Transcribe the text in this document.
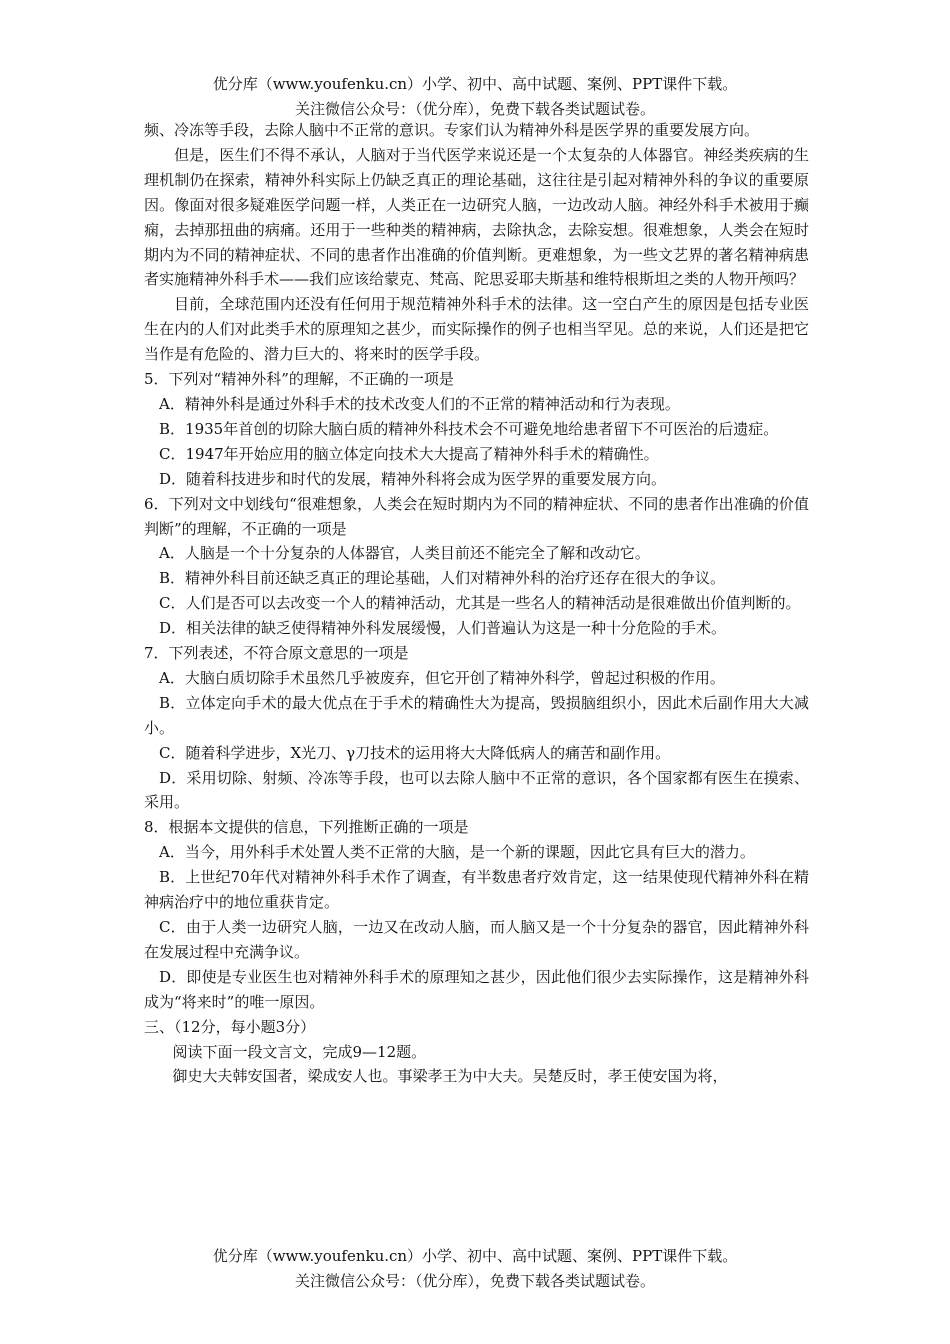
优分库（www.youfenku.cn）小学、初中、高中试题、案例、PPT课件下载。
关注微信公众号：（优分库），免费下载各类试题试卷。

频、冷冻等手段，去除人脑中不正常的意识。专家们认为精神外科是医学界的重要发展方向。

但是，医生们不得不承认，人脑对于当代医学来说还是一个太复杂的人体器官。神经类疾病的生理机制仍在探索，精神外科实际上仍缺乏真正的理论基础，这往往是引起对精神外科的争议的重要原因。像面对很多疑难医学问题一样，人类正在一边研究人脑，一边改动人脑。神经外科手术被用于癫痫，去掉那扭曲的病痛。还用于一些种类的精神病，去除执念，去除妄想。很难想象，人类会在短时期内为不同的精神症状、不同的患者作出准确的价值判断。更难想象，为一些文艺界的著名精神病患者实施精神外科手术——我们应该给蒙克、梵高、陀思妥耶夫斯基和维特根斯坦之类的人物开颅吗？

目前，全球范围内还没有任何用于规范精神外科手术的法律。这一空白产生的原因是包括专业医生在内的人们对此类手术的原理知之甚少，而实际操作的例子也相当罕见。总的来说，人们还是把它当作是有危险的、潜力巨大的、将来时的医学手段。

5．下列对“精神外科”的理解，不正确的一项是

A．精神外科是通过外科手术的技术改变人们的不正常的精神活动和行为表现。

B．1935年首创的切除大脑白质的精神外科技术会不可避免地给患者留下不可医治的后遗症。

C．1947年开始应用的脑立体定向技术大大提高了精神外科手术的精确性。

D．随着科技进步和时代的发展，精神外科将会成为医学界的重要发展方向。

6．下列对文中划线句“很难想象，人类会在短时期内为不同的精神症状、不同的患者作出准确的价值判断”的理解，不正确的一项是

A．人脑是一个十分复杂的人体器官，人类目前还不能完全了解和改动它。

B．精神外科目前还缺乏真正的理论基础，人们对精神外科的治疗还存在很大的争议。

C．人们是否可以去改变一个人的精神活动，尤其是一些名人的精神活动是很难做出价值判断的。

D．相关法律的缺乏使得精神外科发展缓慢，人们普遍认为这是一种十分危险的手术。

7．下列表述，不符合原文意思的一项是

A．大脑白质切除手术虽然几乎被废弃，但它开创了精神外科学，曾起过积极的作用。

B．立体定向手术的最大优点在于手术的精确性大为提高，毁损脑组织小，因此术后副作用大大减小。

C．随着科学进步，X光刀、γ刀技术的运用将大大降低病人的痛苦和副作用。

D．采用切除、射频、冷冻等手段，也可以去除人脑中不正常的意识，各个国家都有医生在摸索、采用。

8．根据本文提供的信息，下列推断正确的一项是

A．当今，用外科手术处置人类不正常的大脑，是一个新的课题，因此它具有巨大的潜力。

B．上世纪70年代对精神外科手术作了调查，有半数患者疗效肯定，这一结果使现代精神外科在精神病治疗中的地位重获肯定。

C．由于人类一边研究人脑，一边又在改动人脑，而人脑又是一个十分复杂的器官，因此精神外科在发展过程中充满争议。

D．即使是专业医生也对精神外科手术的原理知之甚少，因此他们很少去实际操作，这是精神外科成为“将来时”的唯一原因。

三、（12分，每小题3分）

阅读下面一段文言文，完成9—12题。

御史大夫韩安国者，梁成安人也。事梁孝王为中大夫。吴楚反时，孝王使安国为将，

优分库（www.youfenku.cn）小学、初中、高中试题、案例、PPT课件下载。
关注微信公众号：（优分库），免费下载各类试题试卷。
